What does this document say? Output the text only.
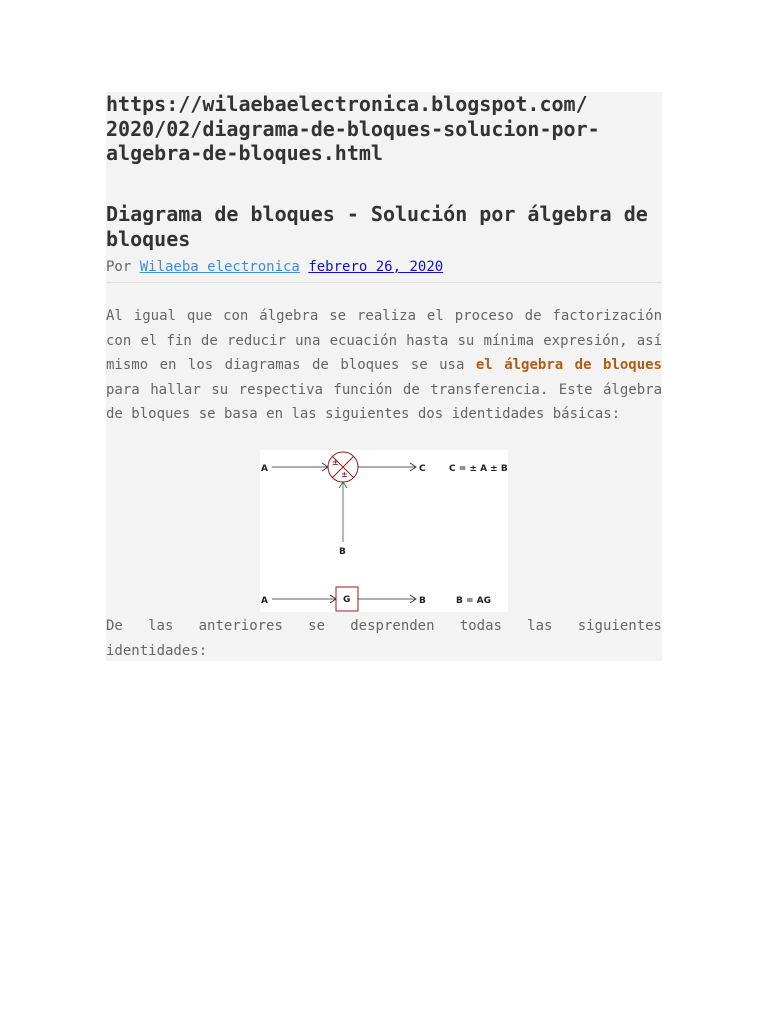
https://wilaebaelectronica.blogspot.com/
2020/02/diagrama-de-bloques-solucion-por-
algebra-de-bloques.html

Diagrama de bloques - Solución por álgebra de bloques
Por Wilaeba electronica febrero 26, 2020

Al igual que con álgebra se realiza el proceso de factorización con el fin de reducir una ecuación hasta su mínima expresión, así mismo en los diagramas de bloques se usa el álgebra de bloques para hallar su respectiva función de transferencia. Este álgebra de bloques se basa en las siguientes dos identidades básicas:

A	C
B
±
±
C = ± A ± B
A	G	B	B = AG
De las anteriores se desprenden todas las siguientes
identidades:
